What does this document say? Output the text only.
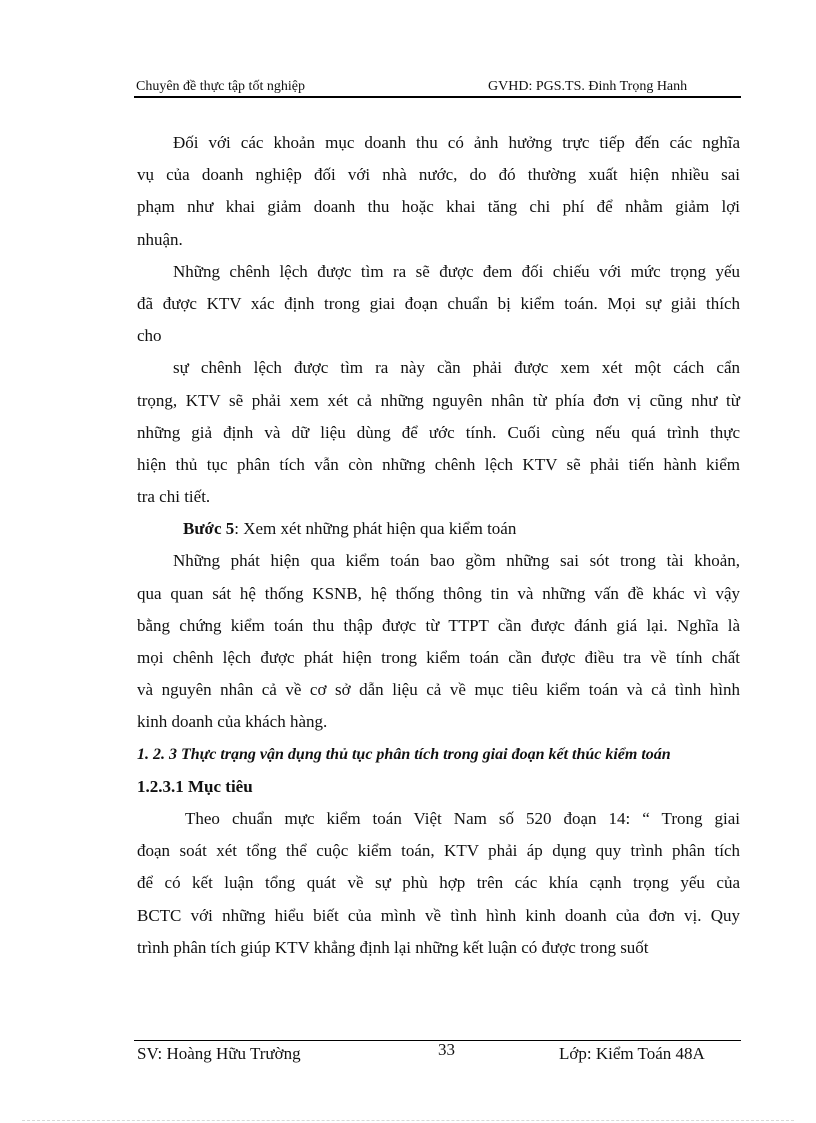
Chuyên đề thực tập tốt nghiệp	GVHD: PGS.TS. Đinh Trọng Hanh
Đối với các khoản mục doanh thu có ảnh hưởng trực tiếp đến các nghĩa
vụ của doanh nghiệp đối với nhà nước, do đó thường xuất hiện nhiều sai
phạm như khai giảm doanh thu hoặc khai tăng chi phí để nhằm giảm lợi
nhuận.
Những chênh lệch được tìm ra sẽ được đem đối chiếu với mức trọng yếu
đã được KTV xác định trong giai đoạn chuẩn bị kiểm toán. Mọi sự giải thích
cho
sự chênh lệch được tìm ra này cần phải được xem xét một cách cẩn
trọng, KTV sẽ phải xem xét cả những nguyên nhân từ phía đơn vị cũng như từ
những giả định và dữ liệu dùng để ước tính. Cuối cùng nếu quá trình thực
hiện thủ tục phân tích vẫn còn những chênh lệch KTV sẽ phải tiến hành kiểm
tra chi tiết.
Bước 5: Xem xét những phát hiện qua kiểm toán
Những phát hiện qua kiểm toán bao gồm những sai sót trong tài khoản,
qua quan sát hệ thống KSNB, hệ thống thông tin và những vấn đề khác vì vậy
bằng chứng kiểm toán thu thập được từ TTPT cần được đánh giá lại. Nghĩa là
mọi chênh lệch được phát hiện trong kiểm toán cần được điều tra về tính chất
và nguyên nhân cả về cơ sở dẫn liệu cả về mục tiêu kiểm toán và cả tình hình
kinh doanh của khách hàng.
1. 2. 3 Thực trạng vận dụng thủ tục phân tích trong giai đoạn kết thúc kiểm toán
1.2.3.1 Mục tiêu
Theo chuẩn mực kiểm toán Việt Nam số 520 đoạn 14: “ Trong giai
đoạn soát xét tổng thể cuộc kiểm toán, KTV phải áp dụng quy trình phân tích
để có kết luận tổng quát về sự phù hợp trên các khía cạnh trọng yếu của
BCTC với những hiểu biết của mình về tình hình kinh doanh của đơn vị. Quy
trình phân tích giúp KTV khẳng định lại những kết luận có được trong suốt
SV: Hoàng Hữu Trường	33	Lớp: Kiểm Toán 48A
